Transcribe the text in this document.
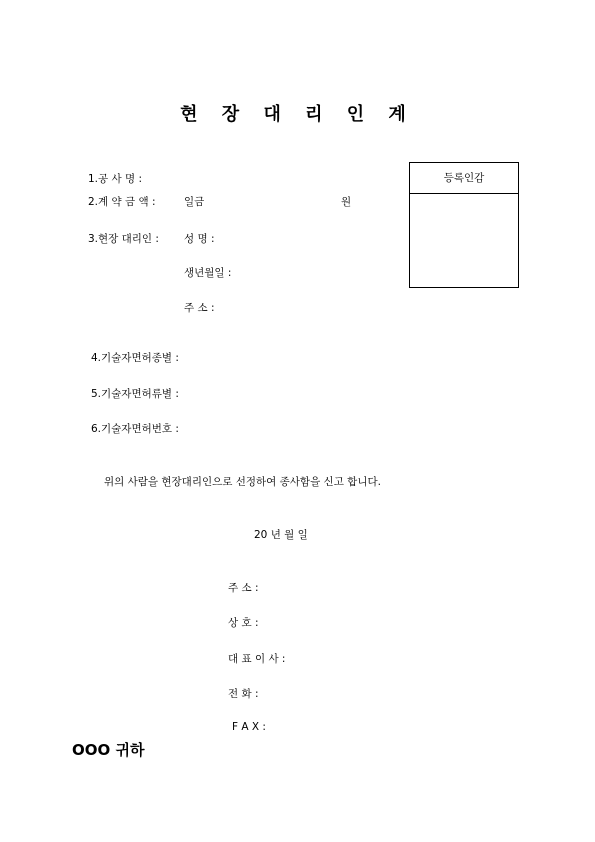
현 장 대 리 인 계
1.공 사 명 :
2.계 약 금 액 :	일금	원
3.현장 대리인 : 성 명 :
생년월일 :
주 소 :
등록인감
4.기술자면허종별 :
5.기술자면허류별 :
6.기술자면허번호 :
위의 사람을 현장대리인으로 선정하여 종사함을 신고 합니다.
20 년 월 일
주 소 :
상 호 :
대 표 이 사 :
전 화 :
F A X :
OOO 귀하
